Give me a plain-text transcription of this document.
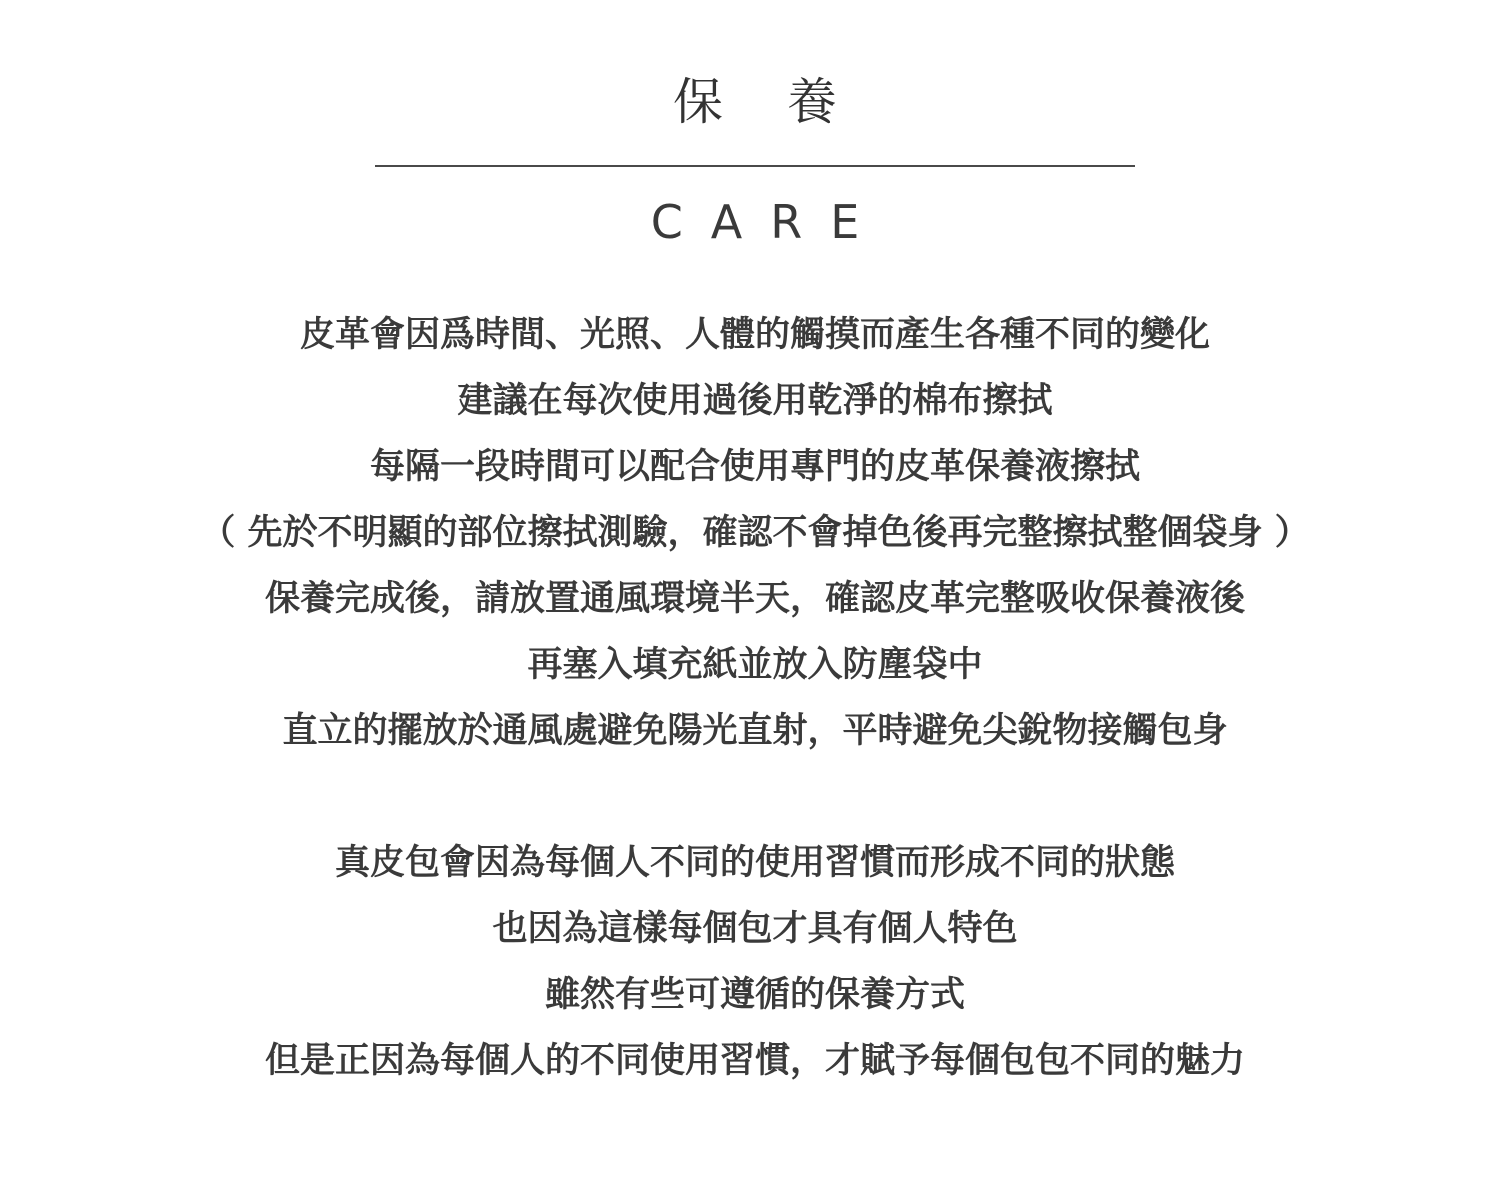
保 養
CARE
皮革會因爲時間、光照、人體的觸摸而產生各種不同的變化
建議在每次使用過後用乾淨的棉布擦拭
每隔一段時間可以配合使用專門的皮革保養液擦拭
（ 先於不明顯的部位擦拭測驗，確認不會掉色後再完整擦拭整個袋身 ）
保養完成後，請放置通風環境半天，確認皮革完整吸收保養液後
再塞入填充紙並放入防塵袋中
直立的擺放於通風處避免陽光直射，平時避免尖銳物接觸包身
真皮包會因為每個人不同的使用習慣而形成不同的狀態
也因為這樣每個包才具有個人特色
雖然有些可遵循的保養方式
但是正因為每個人的不同使用習慣，才賦予每個包包不同的魅力
